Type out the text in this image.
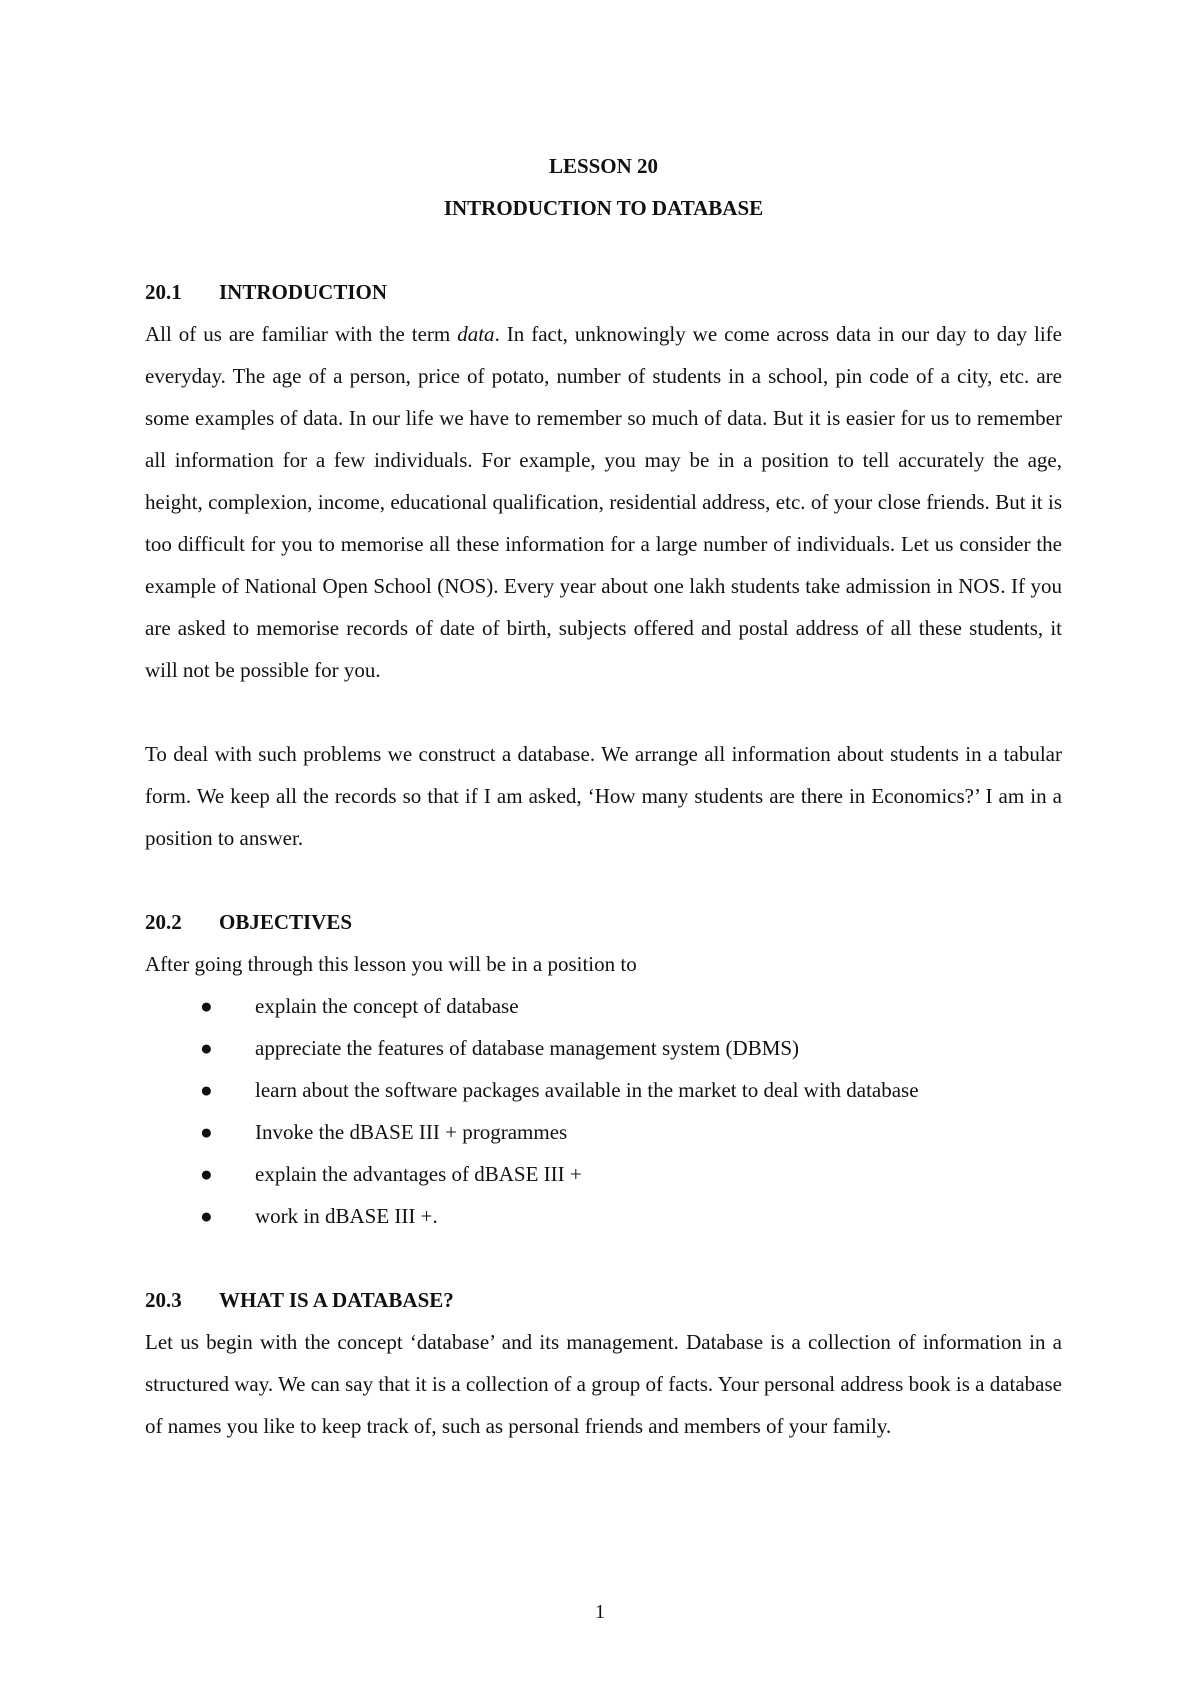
LESSON 20
INTRODUCTION TO DATABASE
20.1	INTRODUCTION

All of us are familiar with the term data. In fact, unknowingly we come across data in our day to day life everyday. The age of a person, price of potato, number of students in a school, pin code of a city, etc. are some examples of data. In our life we have to remember so much of data. But it is easier for us to remember all information for a few individuals. For example, you may be in a position to tell accurately the age, height, complexion, income, educational qualification, residential address, etc. of your close friends. But it is too difficult for you to memorise all these information for a large number of individuals. Let us consider the example of National Open School (NOS). Every year about one lakh students take admission in NOS. If you are asked to memorise records of date of birth, subjects offered and postal address of all these students, it will not be possible for you.

To deal with such problems we construct a database. We arrange all information about students in a tabular form. We keep all the records so that if I am asked, ‘How many students are there in Economics?’ I am in a position to answer.

20.2	OBJECTIVES

After going through this lesson you will be in a position to

● explain the concept of database
● appreciate the features of database management system (DBMS)
● learn about the software packages available in the market to deal with database
● Invoke the dBASE III + programmes
● explain the advantages of dBASE III +
● work in dBASE III +.
20.3	WHAT IS A DATABASE?

Let us begin with the concept ‘database’ and its management. Database is a collection of information in a structured way. We can say that it is a collection of a group of facts. Your personal address book is a database of names you like to keep track of, such as personal friends and members of your family.

1
